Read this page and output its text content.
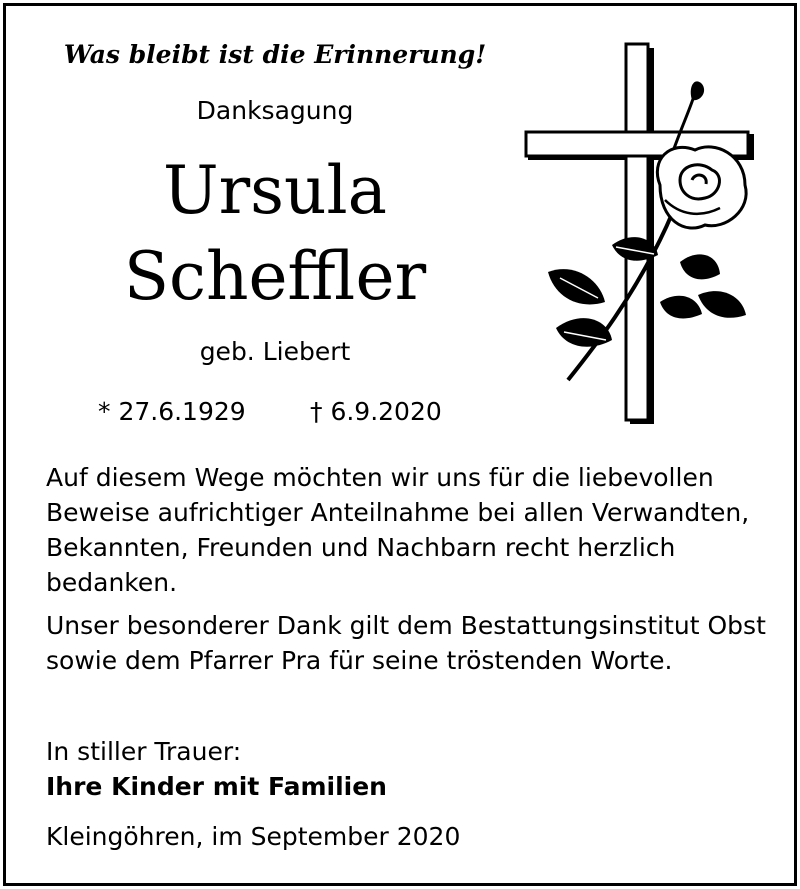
Was bleibt ist die Erinnerung!
Danksagung
Ursula
Scheffler
geb. Liebert
* 27.6.1929	† 6.9.2020

Auf diesem Wege möchten wir uns für die liebevollen Beweise aufrichtiger Anteilnahme bei allen Verwandten, Bekannten, Freunden und Nachbarn recht herzlich bedanken.

Unser besonderer Dank gilt dem Bestattungsinstitut Obst sowie dem Pfarrer Pra für seine tröstenden Worte.

In stiller Trauer:
Ihre Kinder mit Familien
Kleingöhren, im September 2020
